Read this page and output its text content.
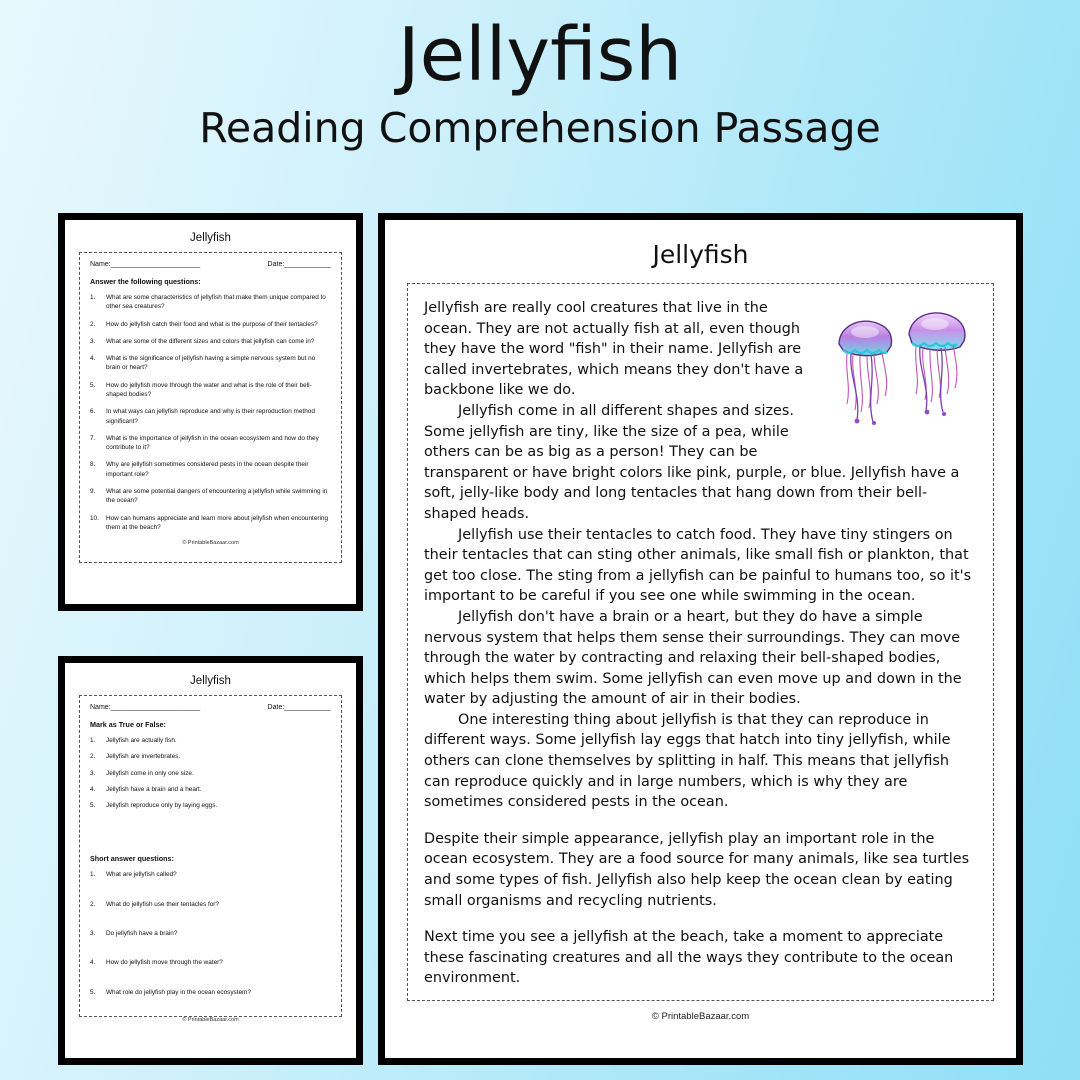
Jellyfish
Reading Comprehension Passage
Jellyfish
Name:_______________________	Date:____________
Answer the following questions:
1.	What are some characteristics of jellyfish that make them unique compared to other sea creatures?
2.	How do jellyfish catch their food and what is the purpose of their tentacles?
3.	What are some of the different sizes and colors that jellyfish can come in?
4.	What is the significance of jellyfish having a simple nervous system but no brain or heart?
5.	How do jellyfish move through the water and what is the role of their bell-shaped bodies?
6.	In what ways can jellyfish reproduce and why is their reproduction method significant?
7.	What is the importance of jellyfish in the ocean ecosystem and how do they contribute to it?
8.	Why are jellyfish sometimes considered pests in the ocean despite their important role?
9.	What are some potential dangers of encountering a jellyfish while swimming in the ocean?
10.	How can humans appreciate and learn more about jellyfish when encountering them at the beach?
© PrintableBazaar.com
Jellyfish
Name:_______________________	Date:____________
Mark as True or False:
1.	Jellyfish are actually fish.
2.	Jellyfish are invertebrates.
3.	Jellyfish come in only one size.
4.	Jellyfish have a brain and a heart.
5.	Jellyfish reproduce only by laying eggs.
Short answer questions:
1.	What are jellyfish called?
2.	What do jellyfish use their tentacles for?
3.	Do jellyfish have a brain?
4.	How do jellyfish move through the water?
5.	What role do jellyfish play in the ocean ecosystem?
© PrintableBazaar.com
Jellyfish

Jellyfish are really cool creatures that live in the ocean. They are not actually fish at all, even though they have the word "fish" in their name. Jellyfish are called invertebrates, which means they don't have a backbone like we do.

Jellyfish come in all different shapes and sizes. Some jellyfish are tiny, like the size of a pea, while others can be as big as a person! They can be transparent or have bright colors like pink, purple, or blue. Jellyfish have a soft, jelly-like body and long tentacles that hang down from their bell-shaped heads.

Jellyfish use their tentacles to catch food. They have tiny stingers on their tentacles that can sting other animals, like small fish or plankton, that get too close. The sting from a jellyfish can be painful to humans too, so it's important to be careful if you see one while swimming in the ocean.

Jellyfish don't have a brain or a heart, but they do have a simple nervous system that helps them sense their surroundings. They can move through the water by contracting and relaxing their bell-shaped bodies, which helps them swim. Some jellyfish can even move up and down in the water by adjusting the amount of air in their bodies.

One interesting thing about jellyfish is that they can reproduce in different ways. Some jellyfish lay eggs that hatch into tiny jellyfish, while others can clone themselves by splitting in half. This means that jellyfish can reproduce quickly and in large numbers, which is why they are sometimes considered pests in the ocean.

Despite their simple appearance, jellyfish play an important role in the ocean ecosystem. They are a food source for many animals, like sea turtles and some types of fish. Jellyfish also help keep the ocean clean by eating small organisms and recycling nutrients.

Next time you see a jellyfish at the beach, take a moment to appreciate these fascinating creatures and all the ways they contribute to the ocean environment.

© PrintableBazaar.com
